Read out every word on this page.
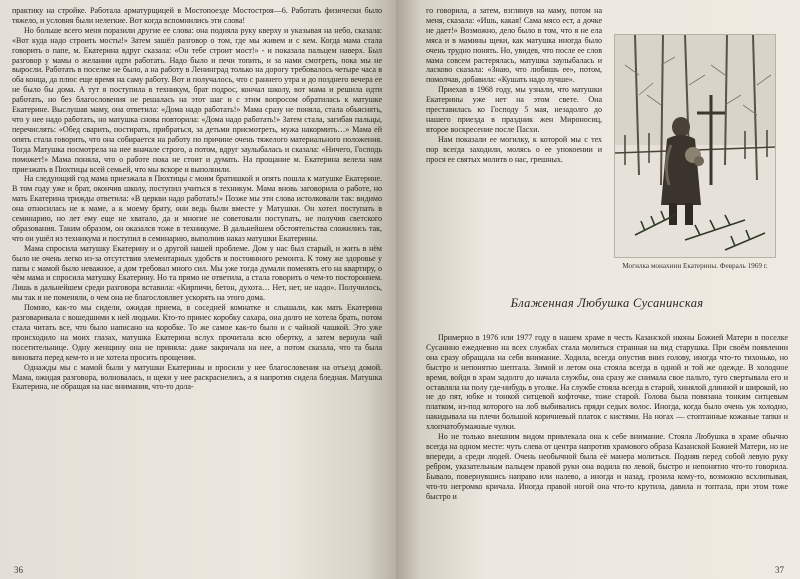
практику на стройке. Работала арматурщицей в Мостопоезде Мостостроя—6. Работать физически было тяжело, и условия были нелегкие. Вот когда вспомнились эти слова!

Но больше всего меня поразили другие ее слова: она подняла руку кверху и указывая на небо, сказала: «Вот куда надо строить мосты!» Затем зашёл разговор о том, где мы живем и с кем. Когда мама стала говорить о папе, м. Екатерина вдруг сказала: «Он тебе строит мост!» - и показала пальцем наверх. Был разговор у мамы о желании идти работать. Надо было и печи топить, и за нами смотреть, пока мы не выросли. Работать в поселке не было, а на работу в Ленинград только на дорогу требовалось четыре часа в оба конца, да плюс еще время на саму работу. Вот и получалось, что с раннего утра и до позднего вечера ее не было бы дома. А тут я поступила в техникум, брат подрос, кончал школу, вот мама и решила идти работать, но без благословения не решалась на этот шаг и с этим вопросом обратилась к матушке Екатерине. Выслушав маму, она ответила: «Дома надо работать!» Мама сразу не поняла, стала объяснять, что у нее надо работать, но матушка снова повторила: «Дома надо работать!» Затем стала, загибая пальцы, перечислять: «Обед сварить, постирать, прибраться, за детьми присмотреть, мужа накормить…» Мама ей опять стала говорить, что она собирается на работу по причине очень тяжелого материального положения. Тогда Матушка посмотрела на нее вначале строго, а потом, вдруг заулыбалась и сказала: «Ничего, Господь поможет!» Мама поняла, что о работе пока не стоит и думать. На прощание м. Екатерина велела нам приезжать в Пюхтицы всей семьей, что мы вскоре и выполнили.

На следующий год мама приезжала в Пюхтицы с моим братишкой и опять пошла к матушке Екатерине. В том году уже и брат, окончив школу, поступил учиться в техникум. Мама вновь заговорила о работе, но мать Екатерина трижды ответила: «В церкви надо работать!» Позже мы эти слова истолковали так: видимо она относилась не к маме, а к моему брату, они ведь были вместе у Матушки. Он хотел поступать в семинарию, но лет ему еще не хватало, да и многие не советовали поступать, не получив светского образования. Таким образом, он оказался тоже в техникуме. В дальнейшем обстоятельства сложились так, что он ушёл из техникума и поступил в семинарию, выполнив наказ матушки Екатерины.

Мама спросила матушку Екатерину и о другой нашей проблеме. Дом у нас был старый, и жить в нём было не очень легко из-за отсутствия элементарных удобств и постоянного ремонта. К тому же здоровье у папы с мамой было неважное, а дом требовал много сил. Мы уже тогда думали поменять его на квартиру, о чём мама и спросила матушку Екатерину. Но та прямо не ответила, а стала говорить о чем-то постороннем. Лишь в дальнейшем среди разговора вставила: «Кирпичи, бетон, духота… Нет, нет, не надо». Получилось, мы так и не поменяли, о чем она не благословляет ускорять на этого дома.

Помню, как-то мы сидели, ожидая приема, в соседней комнатке и слышали, как мать Екатерина разговаривала с вошедшими к ней людьми. Кто-то принес коробку сахара, она долго не хотела брать, потом стала читать все, что было написано на коробке. То же самое как-то было и с чайной чашкой. Это уже происходило на моих глазах, матушка Екатерина вслух прочитала всю обертку, а затем вернула чай посетительнице. Одну женщину она не приняла: даже закричала на нее, а потом сказала, что та была виновата перед кем-то и не хотела просить прощения.

Однажды мы с мамой были у матушки Екатерины и просили у нее благословения на отъезд домой. Мама, ожидая разговора, волновалась, и щеки у нее раскраснелись, а я напротив сидела бледная. Матушка Екатерина, не обращая на нас внимания, что-то дола-

36

го говорила, а затем, взглянув на маму, потом на меня, сказала: «Ишь, какая! Сама мясо ест, а дочке не дает!» Возможно, дело было в том, что я не ела мяса и в мамины щеки, как матушка иногда было очень трудно понять. Но, увидев, что после ее слов мама совсем растерялась, матушка заулыбалась и ласково сказала: «Знаю, что любишь ее», потом, помолчав, добавила: «Кушать надо лучше».

Приехав в 1968 году, мы узнали, что матушки Екатерины уже нет на этом свете. Она преставилась ко Господу 5 мая, незадолго до нашего приезда в праздник жен Мироносиц, второе воскресение после Пасхи.

Нам показали ее могилку, к которой мы с тех пор всегда заходили, молясь о ее упокоении и прося ее святых молитв о нас, грешных.

Могилка монахини Екатерины. Февраль 1969 г.
Блаженная Любушка Сусанинская

Примерно в 1976 или 1977 году в нашем храме в честь Казанской иконы Божией Матери в поселке Сусанино ежедневно на всех службах стала молиться странная на вид старушка. При своём появлении она сразу обращала на себя внимание. Ходила, всегда опустив вниз голову, иногда что-то тихонько, но быстро и непонятно шептала. Зимой и летом она стояла всегда в одной и той же одежде. В холодное время, войдя в храм задолго до начала службы, она сразу же снимала свое пальто, туго свертывала его и оставляла на полу где-нибудь в уголке. На службе стояла всегда в старой, хинялой длинной и широкой, но не до пят, юбке и тонкой ситцевой кофточке, тоже старой. Голова была повязана тонким ситцевым платком, из-под которого на лоб выбивались пряди седых волос. Иногда, когда было очень уж холодно, накидывала на плечи большой коричневый платок с кистями. На ногах — стоптанные кожаные тапки и хлопчатобумажные чулки.

Но не только внешним видом привлекала она к себе внимание. Стояла Любушка в храме обычно всегда на одном месте: чуть слева от центра напротив храмового образа Казанской Божией Матери, но не впереди, а среди людей. Очень необычной была её манера молиться. Подняв перед собой левую руку ребром, указательным пальцем правой руки она водила по левой, быстро и непонятно что-то говорила. Бывало, повернувшись направо или налево, а иногда и назад, грозила кому-то, возможно всхлипывая, что-то негромко кричала. Иногда правой ногой она что-то крутила, давила и топтала, при этом тоже быстро и

37
